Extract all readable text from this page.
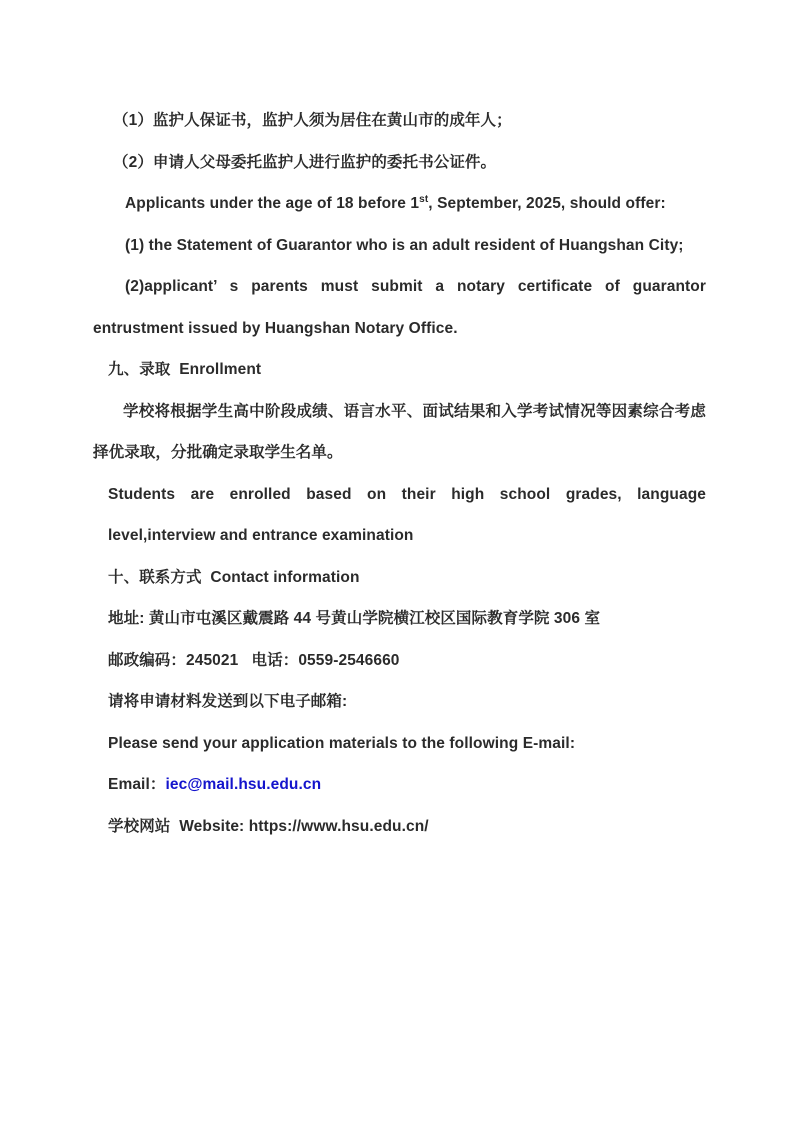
（1）监护人保证书，监护人须为居住在黄山市的成年人；
（2）申请人父母委托监护人进行监护的委托书公证件。

Applicants under the age of 18 before 1st, September, 2025, should offer:

(1) the Statement of Guarantor who is an adult resident of Huangshan City;

(2)applicant’ s parents must submit a notary certificate of guarantor entrustment issued by Huangshan Notary Office.

九、录取  Enrollment

学校将根据学生高中阶段成绩、语言水平、面试结果和入学考试情况等因素综合考虑择优录取，分批确定录取学生名单。

Students are enrolled based on their high school grades, language level,interview and entrance examination

十、联系方式  Contact information
地址: 黄山市屯溪区戴震路 44 号黄山学院横江校区国际教育学院 306 室
邮政编码：245021   电话：0559-2546660
请将申请材料发送到以下电子邮箱:
Please send your application materials to the following E-mail:
Email：iec@mail.hsu.edu.cn
学校网站  Website: https://www.hsu.edu.cn/
